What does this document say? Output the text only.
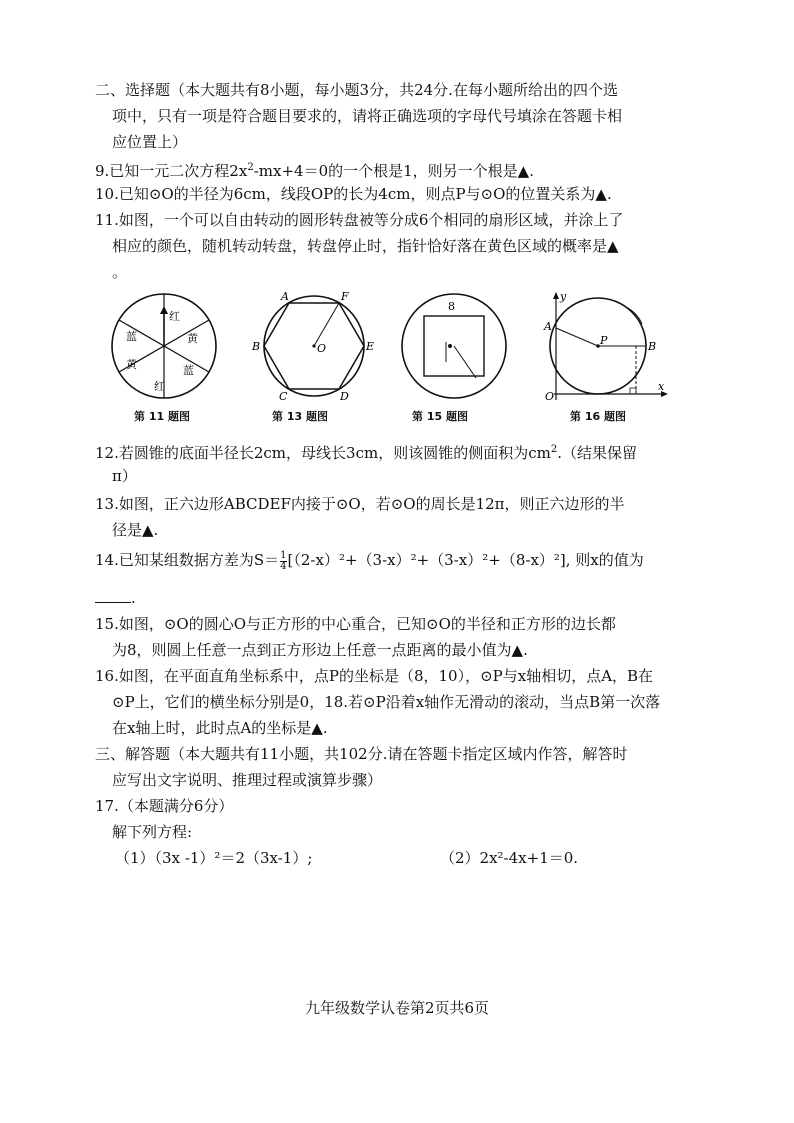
二、选择题（本大题共有8小题，每小题3分，共24分.在每小题所给出的四个选
项中，只有一项是符合题目要求的，请将正确选项的字母代号填涂在答题卡相
应位置上）
9.已知一元二次方程$2x^2-mx+4=0$的一个根是1，则另一个根是▲.
10.已知⊙O的半径为6cm，线段OP的长为4cm，则点P与⊙O的位置关系为▲.
11.如图，一个可以自由转动的圆形转盘被等分成6个相同的扇形区域，并涂上了
相应的颜色，随机转动转盘，转盘停止时，指针恰好落在黄色区域的概率是▲
。
红
黄
蓝
红
黄
蓝
第 11 题图
A	F
B	O	E
C	D
第 13 题图
8
第 15 题图
y
A
P	B
O
x
第 16 题图
12.若圆锥的底面半径长2cm，母线长3cm，则该圆锥的侧面积为$cm^2$.（结果保留
π）
13.如图，正六边形ABCDEF内接于⊙O，若⊙O的周长是12π，则正六边形的半
径是▲.
14.已知某组数据方差为$S= \frac{1}{4} [(2-x)^2+(3-x)^2+(3-x)^2+(8-x)^2]$, 则x的值为
.
15.如图，⊙O的圆心O与正方形的中心重合，已知⊙O的半径和正方形的边长都
为8，则圆上任意一点到正方形边上任意一点距离的最小值为▲.
16.如图，在平面直角坐标系中，点P的坐标是（8，10），⊙P与x轴相切，点A，B在
⊙P上，它们的横坐标分别是0，18.若⊙P沿着x轴作无滑动的滚动，当点B第一次落
在x轴上时，此时点A的坐标是▲.
三、解答题（本大题共有11小题，共102分.请在答题卡指定区域内作答，解答时
应写出文字说明、推理过程或演算步骤）
17.（本题满分6分）
解下列方程:
（1）（3x -1）²＝2（3x-1）;	（2）2x²-4x+1＝0.
九年级数学认卷第2页共6页
